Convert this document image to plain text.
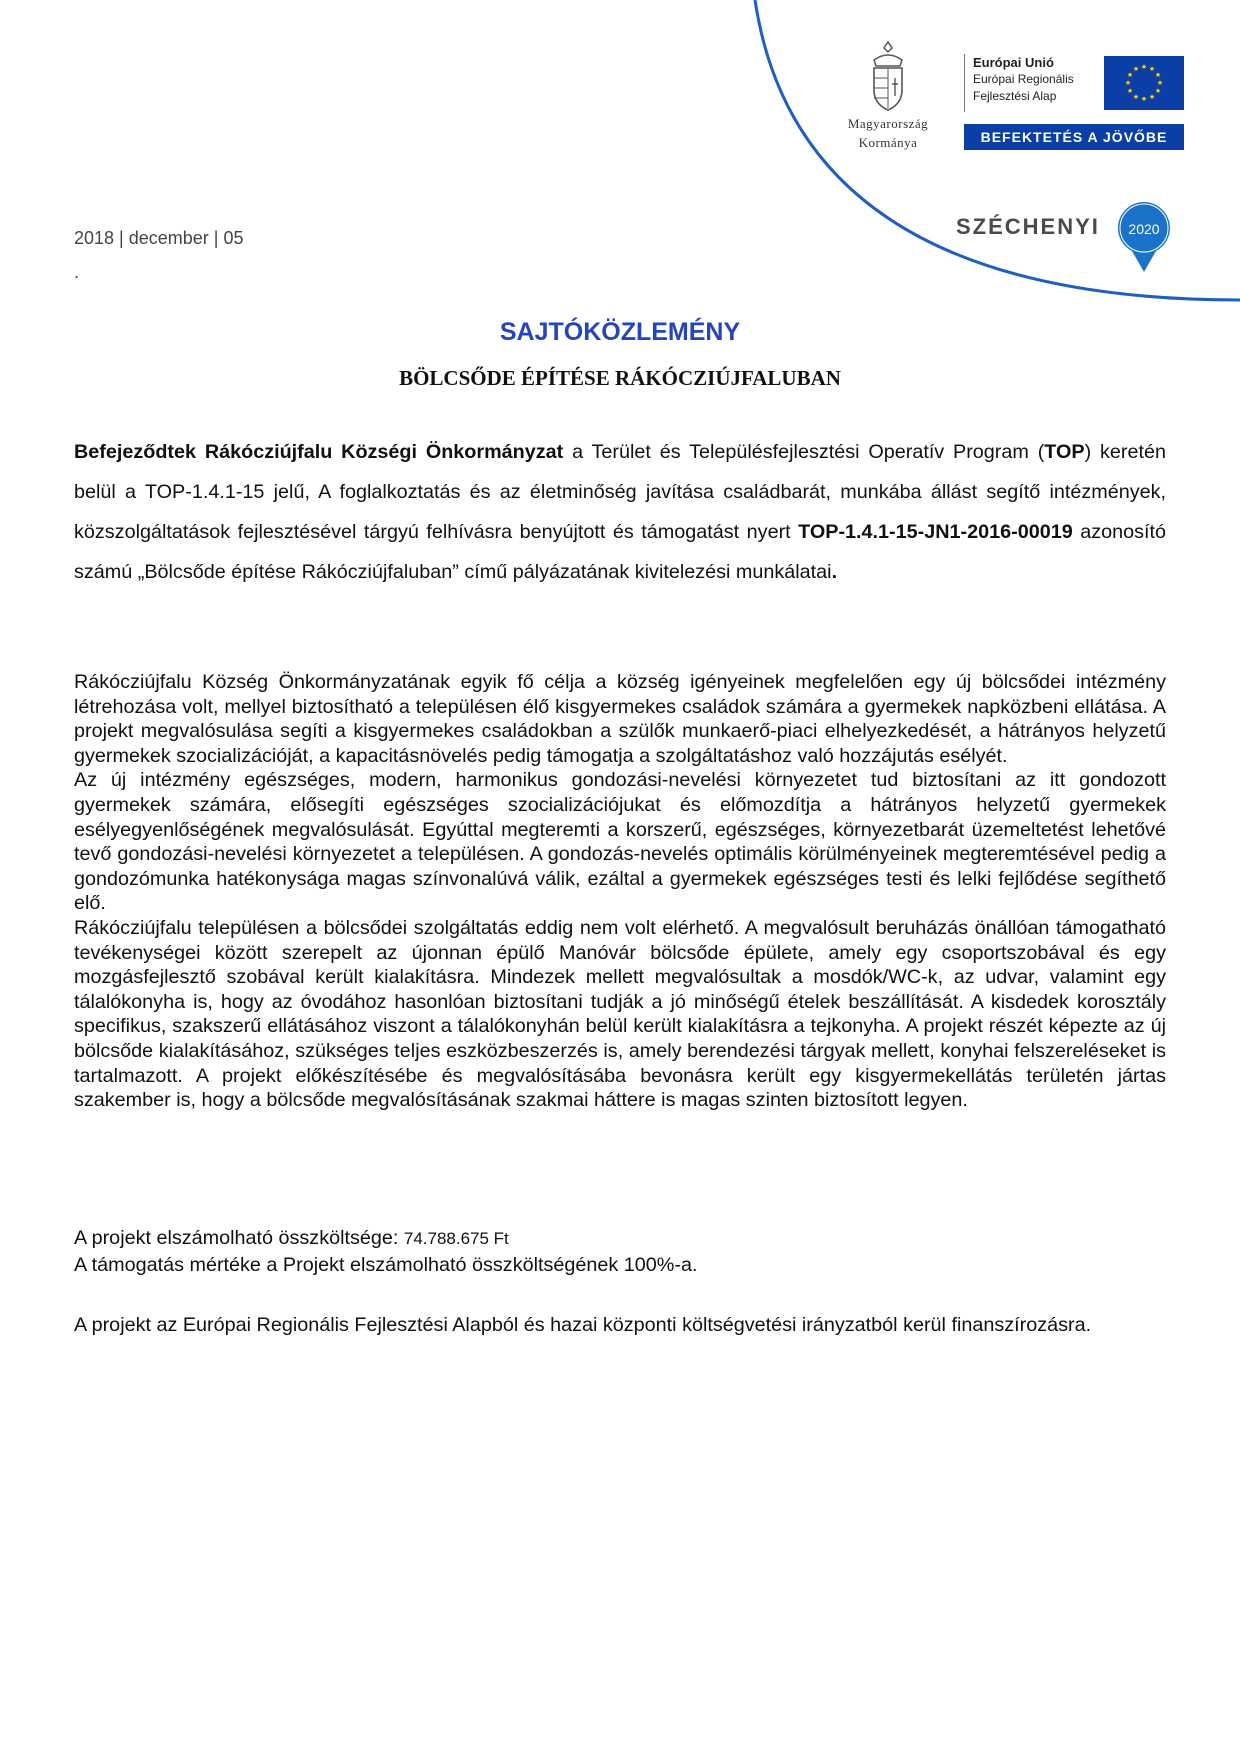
Magyarország
Kormánya
Európai Unió
Európai Regionális
Fejlesztési Alap
★ ★
★
★
★
★
★
★
★
★
★
★
BEFEKTETÉS A JÖVŐBE
SZÉCHENYI 2020
2018 | december | 05
.
SAJTÓKÖZLEMÉNY
BÖLCSŐDE ÉPÍTÉSE RÁKÓCZIÚJFALUBAN

Befejeződtek Rákócziújfalu Községi Önkormányzat a Terület és Településfejlesztési Operatív Program (TOP) keretén belül a TOP-1.4.1-15 jelű, A foglalkoztatás és az életminőség javítása családbarát, munkába állást segítő intézmények, közszolgáltatások fejlesztésével tárgyú felhívásra benyújtott és támogatást nyert TOP-1.4.1-15-JN1-2016-00019 azonosító számú „Bölcsőde építése Rákócziújfaluban” című pályázatának kivitelezési munkálatai.

Rákócziújfalu Község Önkormányzatának egyik fő célja a község igényeinek megfelelően egy új bölcsődei intézmény létrehozása volt, mellyel biztosítható a településen élő kisgyermekes családok számára a gyermekek napközbeni ellátása. A projekt megvalósulása segíti a kisgyermekes családokban a szülők munkaerő-piaci elhelyezkedését, a hátrányos helyzetű gyermekek szocializációját, a kapacitásnövelés pedig támogatja a szolgáltatáshoz való hozzájutás esélyét.

Az új intézmény egészséges, modern, harmonikus gondozási-nevelési környezetet tud biztosítani az itt gondozott gyermekek számára, elősegíti egészséges szocializációjukat és előmozdítja a hátrányos helyzetű gyermekek esélyegyenlőségének megvalósulását. Egyúttal megteremti a korszerű, egészséges, környezetbarát üzemeltetést lehetővé tevő gondozási-nevelési környezetet a településen. A gondozás-nevelés optimális körülményeinek megteremtésével pedig a gondozómunka hatékonysága magas színvonalúvá válik, ezáltal a gyermekek egészséges testi és lelki fejlődése segíthető elő.

Rákócziújfalu településen a bölcsődei szolgáltatás eddig nem volt elérhető. A megvalósult beruházás önállóan támogatható tevékenységei között szerepelt az újonnan épülő Manóvár bölcsőde épülete, amely egy csoportszobával és egy mozgásfejlesztő szobával került kialakításra. Mindezek mellett megvalósultak a mosdók/WC-k, az udvar, valamint egy tálalókonyha is, hogy az óvodához hasonlóan biztosítani tudják a jó minőségű ételek beszállítását. A kisdedek korosztály specifikus, szakszerű ellátásához viszont a tálalókonyhán belül került kialakításra a tejkonyha. A projekt részét képezte az új bölcsőde kialakításához, szükséges teljes eszközbeszerzés is, amely berendezési tárgyak mellett, konyhai felszereléseket is tartalmazott. A projekt előkészítésébe és megvalósításába bevonásra került egy kisgyermekellátás területén jártas szakember is, hogy a bölcsőde megvalósításának szakmai háttere is magas szinten biztosított legyen.

A projekt elszámolható összköltsége: 74.788.675 Ft

A támogatás mértéke a Projekt elszámolható összköltségének 100%-a.

A projekt az Európai Regionális Fejlesztési Alapból és hazai központi költségvetési irányzatból kerül finanszírozásra.
